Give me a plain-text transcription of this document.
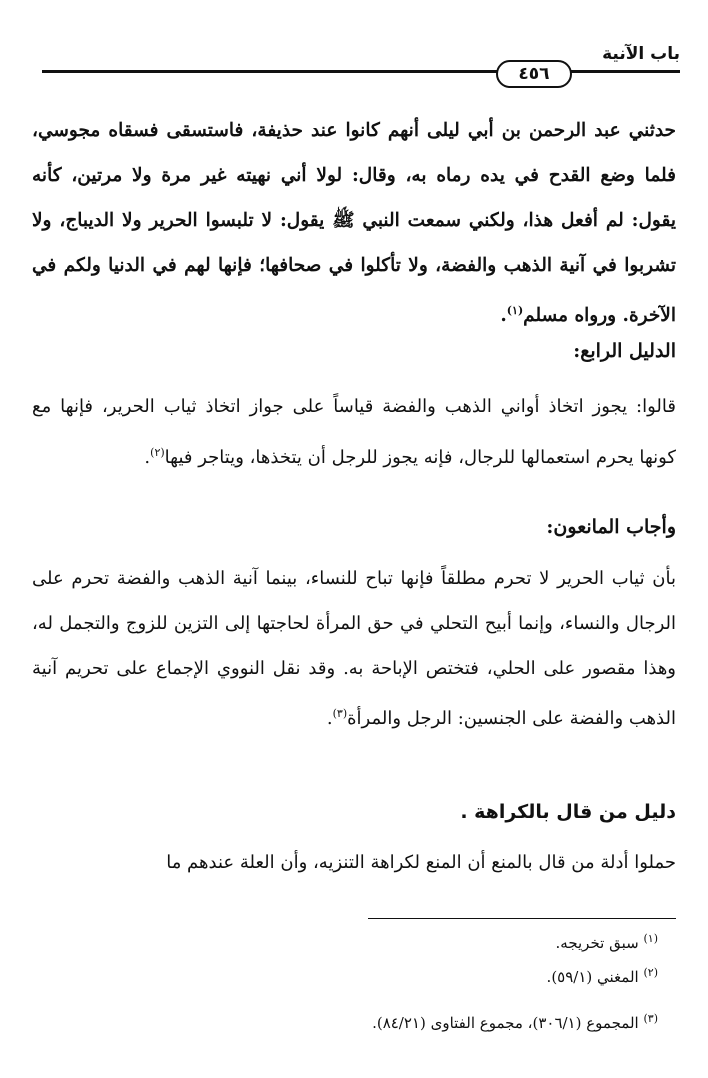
باب الآنية
٤٥٦
حدثني عبد الرحمن بن أبي ليلى أنهم كانوا عند حذيفة، فاستسقى فسقاه مجوسي، فلما وضع القدح في يده رماه به، وقال: لولا أني نهيته غير مرة ولا مرتين، كأنه يقول: لم أفعل هذا، ولكني سمعت النبي ﷺ يقول: لا تلبسوا الحرير ولا الديباج، ولا تشربوا في آنية الذهب والفضة، ولا تأكلوا في صحافها؛ فإنها لهم في الدنيا ولكم في الآخرة. ورواه مسلم$^{(١)}$.
الدليل الرابع:
قالوا: يجوز اتخاذ أواني الذهب والفضة قياساً على جواز اتخاذ ثياب الحرير، فإنها مع كونها يحرم استعمالها للرجال، فإنه يجوز للرجل أن يتخذها، ويتاجر فيها$^{(٢)}$.
وأجاب المانعون:
بأن ثياب الحرير لا تحرم مطلقاً فإنها تباح للنساء، بينما آنية الذهب والفضة تحرم على الرجال والنساء، وإنما أبيح التحلي في حق المرأة لحاجتها إلى التزين للزوج والتجمل له، وهذا مقصور على الحلي، فتختص الإباحة به. وقد نقل النووي الإجماع على تحريم آنية الذهب والفضة على الجنسين: الرجل والمرأة$^{(٣)}$.
دليل من قال بالكراهة .
حملوا أدلة من قال بالمنع أن المنع لكراهة التنزيه، وأن العلة عندهم ما
$^{(١)}$ سبق تخريجه.
$^{(٢)}$ المغني (٥٩/١).
$^{(٣)}$ المجموع (٣٠٦/١)، مجموع الفتاوى (٨٤/٢١).
